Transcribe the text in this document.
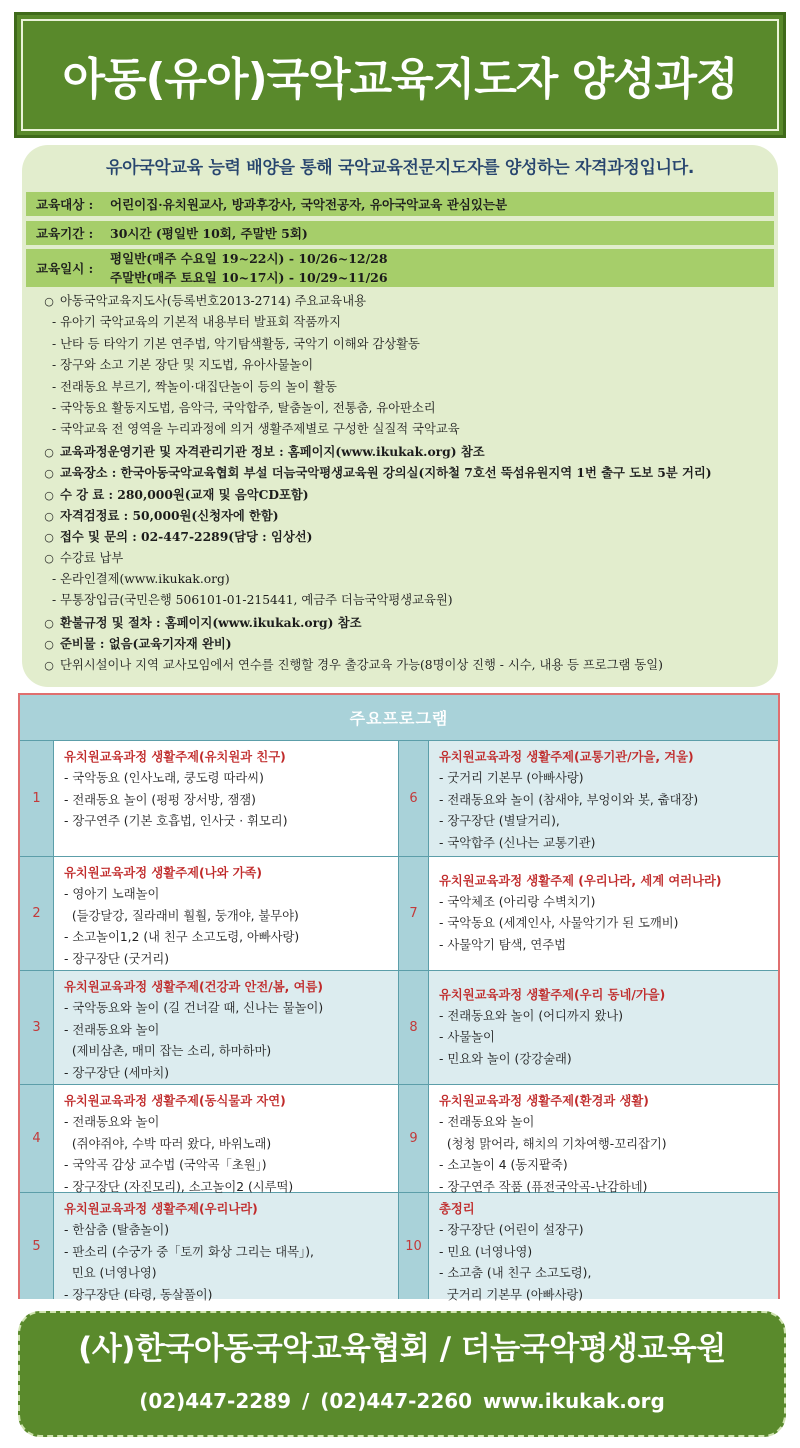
아동(유아)국악교육지도자 양성과정
유아국악교육 능력 배양을 통해 국악교육전문지도자를 양성하는 자격과정입니다.
교육대상 :	어린이집·유치원교사, 방과후강사, 국악전공자, 유아국악교육 관심있는분
교육기간 :	30시간 (평일반 10회, 주말반 5회)
교육일시 :
평일반(매주 수요일 19~22시) - 10/26~12/28
주말반(매주 토요일 10~17시) - 10/29~11/26
○ 아동국악교육지도사(등록번호2013-2714) 주요교육내용
- 유아기 국악교육의 기본적 내용부터 발표회 작품까지
- 난타 등 타악기 기본 연주법, 악기탐색활동, 국악기 이해와 감상활동
- 장구와 소고 기본 장단 및 지도법, 유아사물놀이
- 전래동요 부르기, 짝놀이·대집단놀이 등의 놀이 활동
- 국악동요 활동지도법, 음악극, 국악합주, 탈춤놀이, 전통춤, 유아판소리
- 국악교육 전 영역을 누리과정에 의거 생활주제별로 구성한 실질적 국악교육
○ 교육과정운영기관 및 자격관리기관 정보 : 홈페이지(www.ikukak.org) 참조
○ 교육장소 : 한국아동국악교육협회 부설 더늠국악평생교육원 강의실(지하철 7호선 뚝섬유원지역 1번 출구 도보 5분 거리)
○ 수 강 료 : 280,000원(교재 및 음악CD포함)
○ 자격검정료 : 50,000원(신청자에 한함)
○ 접수 및 문의 : 02-447-2289(담당 : 임상선)
○ 수강료 납부
- 온라인결제(www.ikukak.org)
- 무통장입금(국민은행 506101-01-215441, 예금주 더늠국악평생교육원)
○ 환불규정 및 절차 : 홈페이지(www.ikukak.org) 참조
○ 준비물 : 없음(교육기자재 완비)
○ 단위시설이나 지역 교사모임에서 연수를 진행할 경우 출강교육 가능(8명이상 진행 - 시수, 내용 등 프로그램 동일)
주요프로그램
1
유치원교육과정 생활주제(유치원과 친구)
- 국악동요 (인사노래, 쿵도령 따라씨)
- 전래동요 놀이 (펑펑 장서방, 잼잼)
- 장구연주 (기본 호흡법, 인사굿 · 휘모리)
6
유치원교육과정 생활주제(교통기관/가을, 겨울)
- 굿거리 기본무 (아빠사랑)
- 전래동요와 놀이 (참새야, 부엉이와 봇, 춥대장)
- 장구장단 (별달거리),
- 국악합주 (신나는 교통기관)
2
유치원교육과정 생활주제(나와 가족)
- 영아기 노래놀이
(들강달강, 질라래비 훨훨, 둥개야, 불무야)
- 소고놀이1,2 (내 친구 소고도령, 아빠사랑)
- 장구장단 (굿거리)
7
유치원교육과정 생활주제 (우리나라, 세계 여러나라)
- 국악체조 (아리랑 수벽치기)
- 국악동요 (세계인사, 사물악기가 된 도깨비)
- 사물악기 탐색, 연주법
3
유치원교육과정 생활주제(건강과 안전/봄, 여름)
- 국악동요와 놀이 (길 건너갈 때, 신나는 물놀이)
- 전래동요와 놀이
(제비삼촌, 매미 잡는 소리, 하마하마)
- 장구장단 (세마치)
8
유치원교육과정 생활주제(우리 동네/가을)
- 전래동요와 놀이 (어디까지 왔나)
- 사물놀이
- 민요와 놀이 (강강술래)
4
유치원교육과정 생활주제(동식물과 자연)
- 전래동요와 놀이
(쥐야쥐야, 수박 따러 왔다, 바위노래)
- 국악곡 감상 교수법 (국악곡「초원」)
- 장구장단 (자진모리), 소고놀이2 (시루떡)
9
유치원교육과정 생활주제(환경과 생활)
- 전래동요와 놀이
(청청 맑어라, 해치의 기차여행-꼬리잡기)
- 소고놀이 4 (동지팥죽)
- 장구연주 작품 (퓨전국악곡-난감하네)
5
유치원교육과정 생활주제(우리나라)
- 한삼춤 (탈춤놀이)
- 판소리 (수궁가 중「토끼 화상 그리는 대목」),
민요 (너영나영)
- 장구장단 (타령, 동살풀이)
10
총정리
- 장구장단 (어린이 설장구)
- 민요 (너영나영)
- 소고춤 (내 친구 소고도령),
굿거리 기본무 (아빠사랑)
(사)한국아동국악교육협회 / 더늠국악평생교육원
(02)447-2289 / (02)447-2260 www.ikukak.org
